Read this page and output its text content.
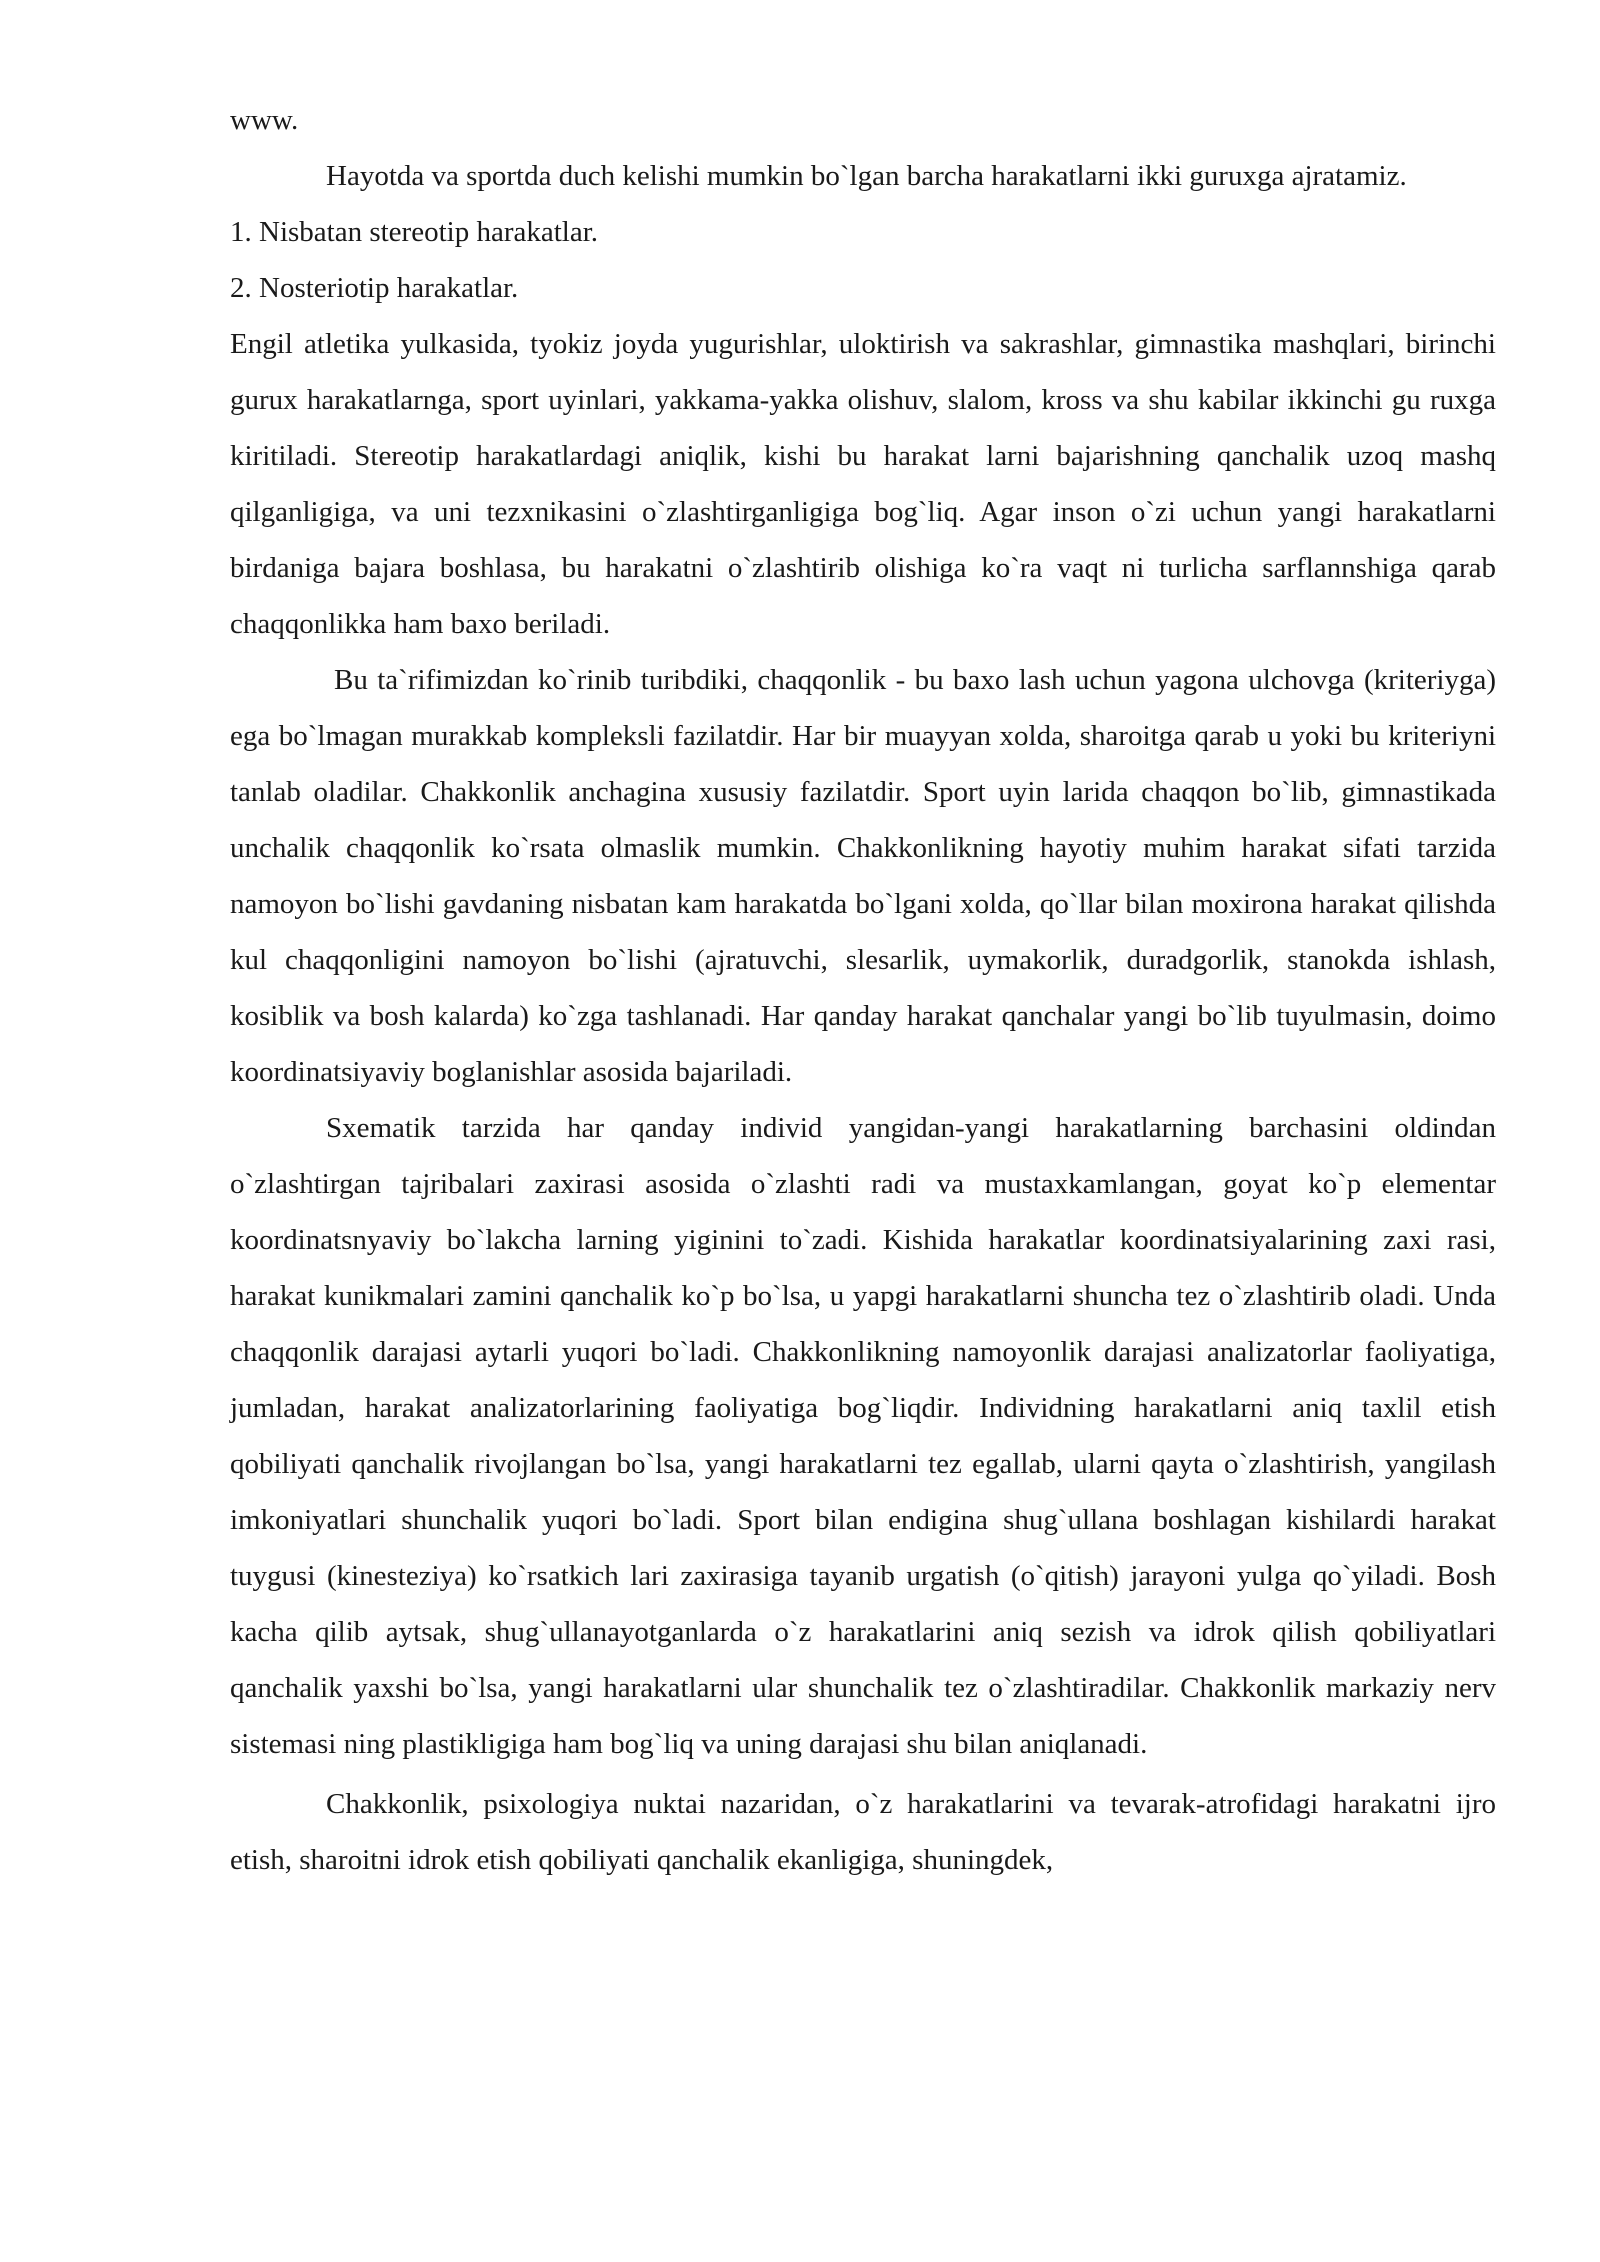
www.

Hayotda va sportda duch kelishi mumkin bo`lgan barcha harakatlarni ikki guruxga ajratamiz.

1. Nisbatan stereotip harakatlar.

2. Nosteriotip harakatlar.

Engil atletika yulkasida, tyokiz joyda yugurishlar, uloktirish va sakrashlar, gimnastika mashqlari, birinchi gurux harakatlarnga, sport uyinlari, yakkama-yakka olishuv, slalom, kross va shu kabilar ikkinchi gu ruxga kiritiladi. Stereotip harakatlardagi aniqlik, kishi bu harakat larni bajarishning qanchalik uzoq mashq qilganligiga, va uni tezxnikasini o`zlashtirganligiga bog`liq. Agar inson o`zi uchun yangi harakatlarni birdaniga bajara boshlasa, bu harakatni o`zlashtirib olishiga ko`ra vaqt ni turlicha sarflannshiga qarab chaqqonlikka ham baxo beriladi.

Bu ta`rifimizdan ko`rinib turibdiki, chaqqonlik - bu baxo lash uchun yagona ulchovga (kriteriyga) ega bo`lmagan murakkab kompleksli fazilatdir. Har bir muayyan xolda, sharoitga qarab u yoki bu kriteriyni tanlab oladilar. Chakkonlik anchagina xususiy fazilatdir. Sport uyin larida chaqqon bo`lib, gimnastikada unchalik chaqqonlik ko`rsata olmaslik mumkin. Chakkonlikning hayotiy muhim harakat sifati tarzida namoyon bo`lishi gavdaning nisbatan kam harakatda bo`lgani xolda, qo`llar bilan moxirona harakat qilishda kul chaqqonligini namoyon bo`lishi (ajratuvchi, slesarlik, uymakorlik, duradgorlik, stanokda ishlash, kosiblik va bosh kalarda) ko`zga tashlanadi. Har qanday harakat qanchalar yangi bo`lib tuyulmasin, doimo koordinatsiyaviy boglanishlar asosida bajariladi.

Sxematik tarzida har qanday individ yangidan-yangi harakatlarning barchasini oldindan o`zlashtirgan tajribalari zaxirasi asosida o`zlashti radi va mustaxkamlangan, goyat ko`p elementar koordinatsnyaviy bo`lakcha larning yiginini to`zadi. Kishida harakatlar koordinatsiyalarining zaxi rasi, harakat kunikmalari zamini qanchalik ko`p bo`lsa, u yapgi harakatlarni shuncha tez o`zlashtirib oladi. Unda chaqqonlik darajasi aytarli yuqori bo`ladi. Chakkonlikning namoyonlik darajasi analizatorlar faoliyatiga, jumladan, harakat analizatorlarining faoliyatiga bog`liqdir. Individning harakatlarni aniq taxlil etish qobiliyati qanchalik rivojlangan bo`lsa, yangi harakatlarni tez egallab, ularni qayta o`zlashtirish, yangilash imkoniyatlari shunchalik yuqori bo`ladi. Sport bilan endigina shug`ullana boshlagan kishilardi harakat tuygusi (kinesteziya) ko`rsatkich lari zaxirasiga tayanib urgatish (o`qitish) jarayoni yulga qo`yiladi. Bosh kacha qilib aytsak, shug`ullanayotganlarda o`z harakatlarini aniq sezish va idrok qilish qobiliyatlari qanchalik yaxshi bo`lsa, yangi harakatlarni ular shunchalik tez o`zlashtiradilar. Chakkonlik markaziy nerv sistemasi ning plastikligiga ham bog`liq va uning darajasi shu bilan aniqlanadi.

Chakkonlik, psixologiya nuktai nazaridan, o`z harakatlarini va tevarak-atrofidagi harakatni ijro etish, sharoitni idrok etish qobiliyati qanchalik ekanligiga, shuningdek,
